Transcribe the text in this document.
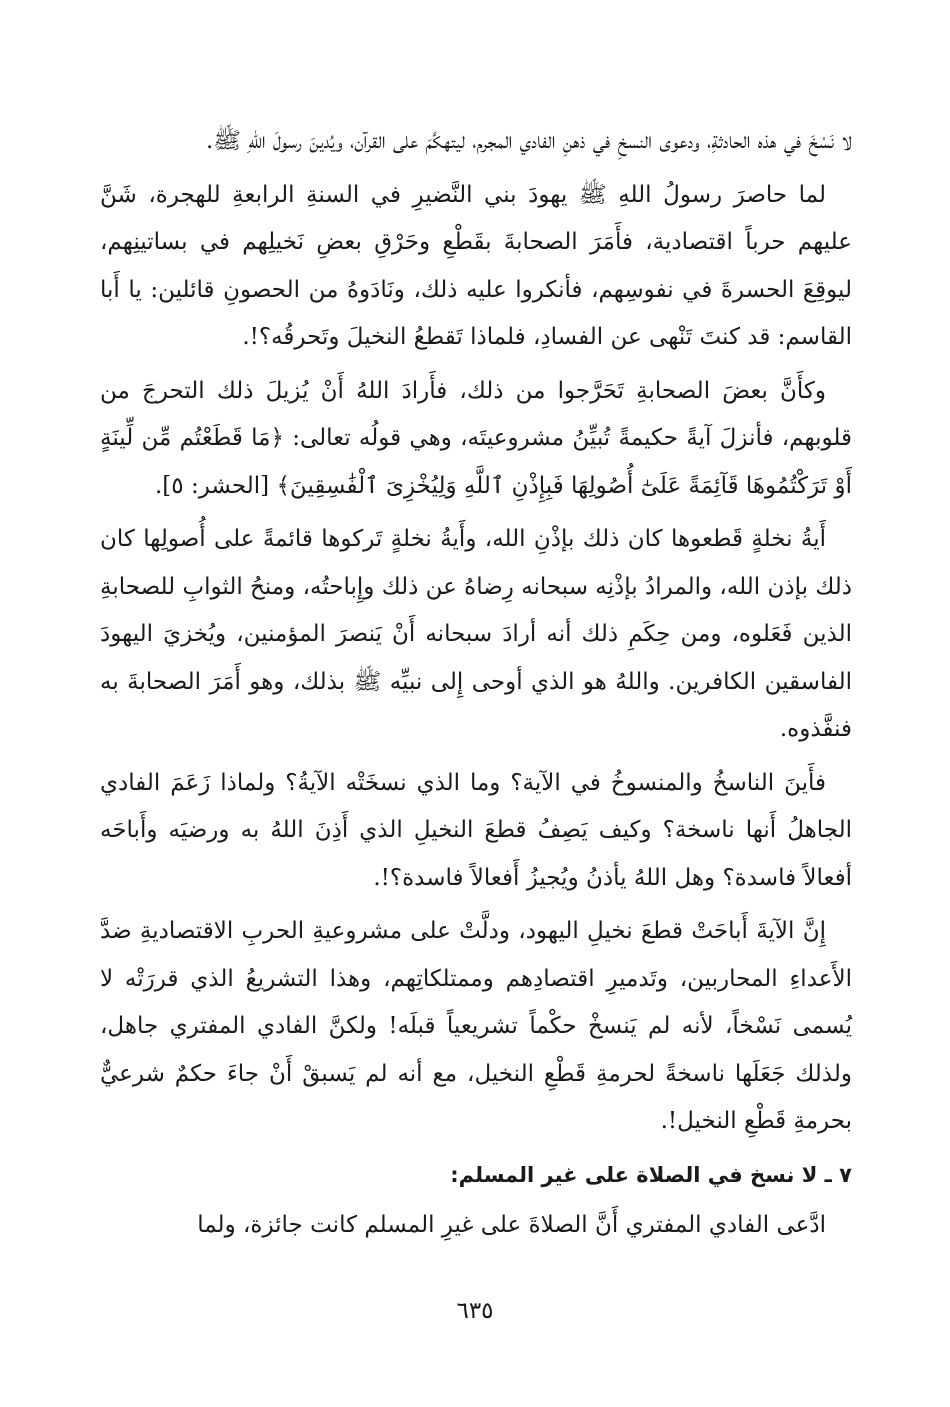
لا نَسْخَ في هذه الحادثةِ، ودعوى النسخِ في ذهنِ الفادي المجرم، ليتهكَّمَ على القرآن، ويُدينَ رسولَ اللهِ ﷺ.

لما حاصرَ رسولُ اللهِ ﷺ يهودَ بني النَّضيرِ في السنةِ الرابعةِ للهجرة، شَنَّ عليهم حرباً اقتصادية، فأَمَرَ الصحابةَ بقَطْعِ وحَرْقِ بعضِ نَخيلِهم في بساتينِهم، ليوقِعَ الحسرةَ في نفوسِهم، فأنكروا عليه ذلك، ونَادَوهُ من الحصونِ قائلين: يا أَبا القاسم: قد كنتَ تَنْهى عن الفسادِ، فلماذا تَقطعُ النخيلَ وتَحرقُه؟!.

وكأَنَّ بعضَ الصحابةِ تَحَرَّجوا من ذلك، فأَرادَ اللهُ أَنْ يُزيلَ ذلك التحرجَ من قلوبهم، فأنزلَ آيةً حكيمةً تُبيِّنُ مشروعيتَه، وهي قولُه تعالى: ﴿مَا قَطَعْتُم مِّن لِّينَةٍ أَوْ تَرَكْتُمُوهَا قَآئِمَةً عَلَىٰٓ أُصُولِهَا فَبِإِذْنِ ٱللَّهِ وَلِيُخْزِىَ ٱلْفَٰسِقِينَ﴾ [الحشر: ٥].

أَيةُ نخلةٍ قَطعوها كان ذلك بإذْنِ الله، وأَيةُ نخلةٍ تَركوها قائمةً على أُصولِها كان ذلك بإذن الله، والمرادُ بإذْنِه سبحانه رِضاهُ عن ذلك وإِباحتُه، ومنحُ الثوابِ للصحابةِ الذين فَعَلوه، ومن حِكَمِ ذلك أنه أرادَ سبحانه أَنْ يَنصرَ المؤمنين، ويُخزيَ اليهودَ الفاسقين الكافرين. واللهُ هو الذي أوحى إِلى نبيِّه ﷺ بذلك، وهو أَمَرَ الصحابةَ به فنفَّذوه.

فأَينَ الناسخُ والمنسوخُ في الآية؟ وما الذي نسخَتْه الآيةُ؟ ولماذا زَعَمَ الفادي الجاهلُ أَنها ناسخة؟ وكيف يَصِفُ قطعَ النخيلِ الذي أَذِنَ اللهُ به ورضيَه وأَباحَه أفعالاً فاسدة؟ وهل اللهُ يأذنُ ويُجيزُ أَفعالاً فاسدة؟!.

إِنَّ الآيةَ أَباحَتْ قطعَ نخيلِ اليهود، ودلَّتْ على مشروعيةِ الحربِ الاقتصاديةِ ضدَّ الأَعداءِ المحاربين، وتَدميرِ اقتصادِهم وممتلكاتِهم، وهذا التشريعُ الذي قررَتْه لا يُسمى نَسْخاً، لأنه لم يَنسخْ حكْماً تشريعياً قبلَه! ولكنَّ الفادي المفتري جاهل، ولذلك جَعَلَها ناسخةً لحرمةِ قَطْعِ النخيل، مع أنه لم يَسبقْ أَنْ جاءَ حكمٌ شرعيٌّ بحرمةِ قَطْعِ النخيل!.

٧ ـ لا نسخ في الصلاة على غير المسلم:

ادَّعى الفادي المفتري أَنَّ الصلاةَ على غيرِ المسلم كانت جائزة، ولما

٦٣٥
